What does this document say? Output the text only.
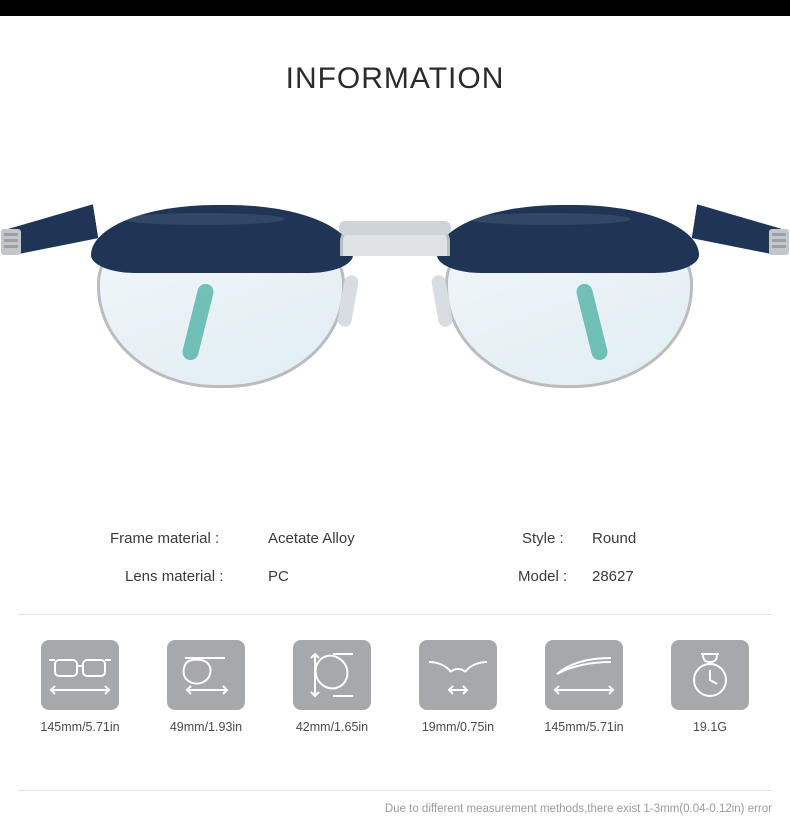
INFORMATION
Frame material :	Acetate Alloy	Style : Round
Lens material :	PC	Model : 28627
145mm/5.71in	49mm/1.93in	42mm/1.65in	19mm/0.75in	145mm/5.71in	19.1G
Due to different measurement methods,there exist 1-3mm(0.04-0.12in) error
